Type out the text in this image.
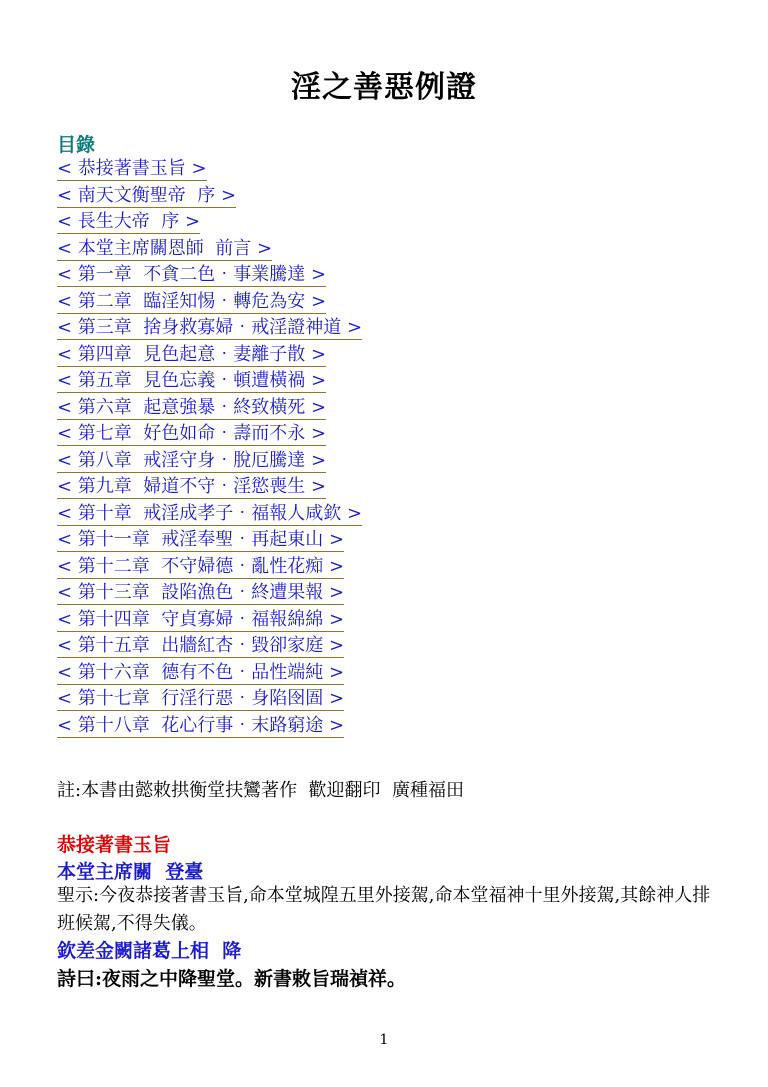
淫之善惡例證
目錄
< 恭接著書玉旨 >
< 南天文衡聖帝  序 >
< 長生大帝  序 >
< 本堂主席關恩師  前言 >
< 第一章  不貪二色‧事業騰達 >
< 第二章  臨淫知惕‧轉危為安 >
< 第三章  捨身救寡婦‧戒淫證神道 >
< 第四章  見色起意‧妻離子散 >
< 第五章  見色忘義‧頓遭橫禍 >
< 第六章  起意強暴‧終致橫死 >
< 第七章  好色如命‧壽而不永 >
< 第八章  戒淫守身‧脫厄騰達 >
< 第九章  婦道不守‧淫慾喪生 >
< 第十章  戒淫成孝子‧福報人咸欽 >
< 第十一章  戒淫奉聖‧再起東山 >
< 第十二章  不守婦德‧亂性花痴 >
< 第十三章  設陷漁色‧終遭果報 >
< 第十四章  守貞寡婦‧福報綿綿 >
< 第十五章  出牆紅杏‧毀卻家庭 >
< 第十六章  德有不色‧品性端純 >
< 第十七章  行淫行惡‧身陷囹圄 >
< 第十八章  花心行事‧末路窮途 >
註:本書由懿敕拱衡堂扶鸞著作  歡迎翻印  廣種福田
恭接著書玉旨
本堂主席關  登臺
聖示:今夜恭接著書玉旨,命本堂城隍五里外接駕,命本堂福神十里外接駕,其餘神人排班候駕,不得失儀。
欽差金闕諸葛上相  降
詩曰:夜雨之中降聖堂。新書敕旨瑞禎祥。
1
